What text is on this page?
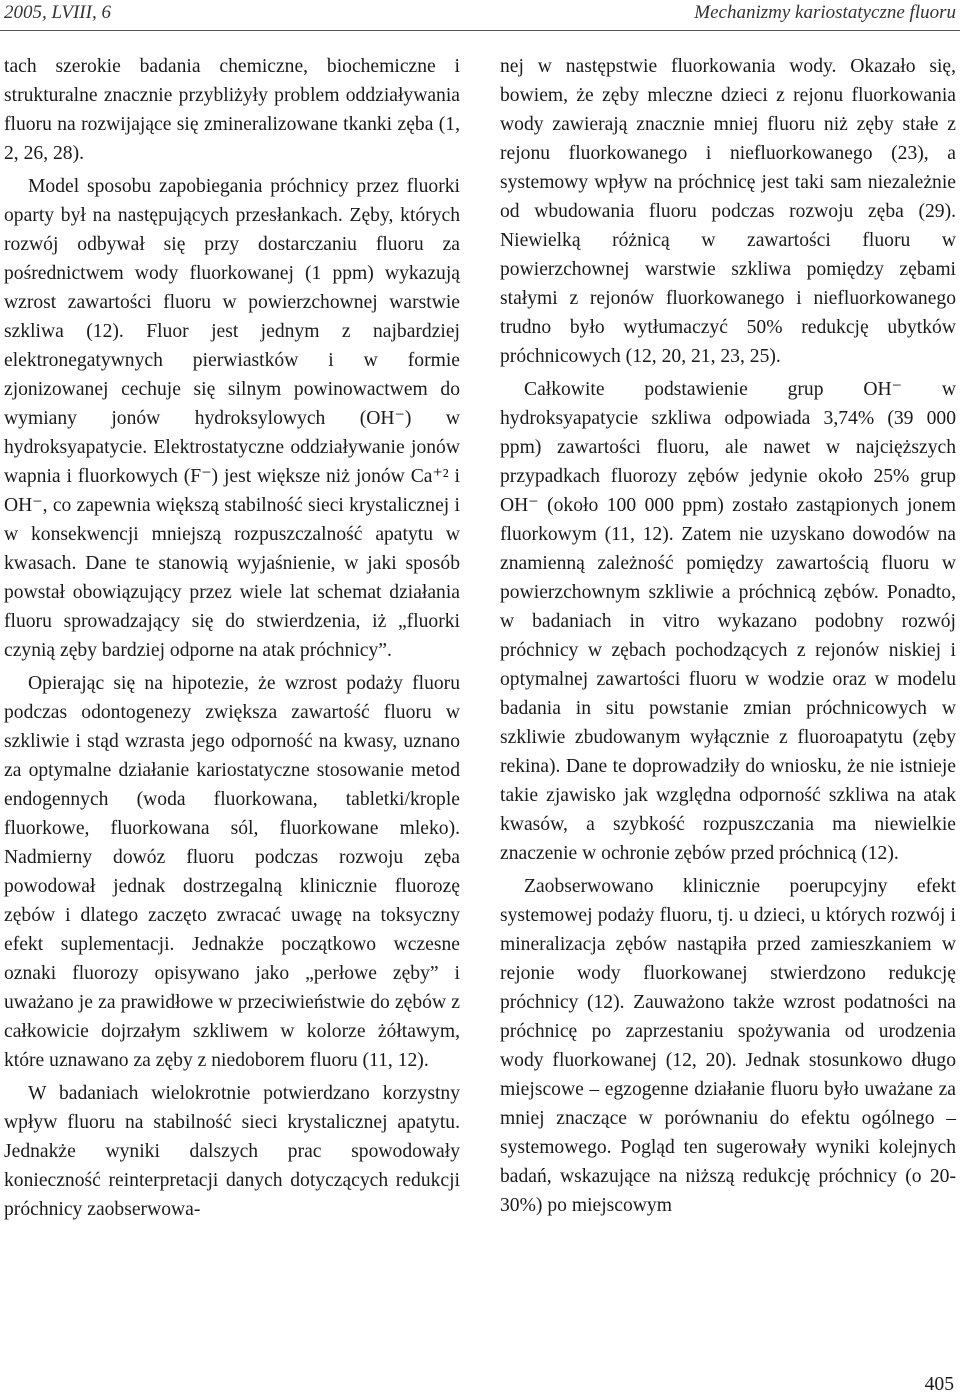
2005, LVIII, 6	Mechanizmy kariostatyczne fluoru

tach szerokie badania chemiczne, biochemiczne i strukturalne znacznie przybliżyły problem oddziaływania fluoru na rozwijające się zmineralizowane tkanki zęba (1, 2, 26, 28).

Model sposobu zapobiegania próchnicy przez fluorki oparty był na następujących przesłankach. Zęby, których rozwój odbywał się przy dostarczaniu fluoru za pośrednictwem wody fluorkowanej (1 ppm) wykazują wzrost zawartości fluoru w powierzchownej warstwie szkliwa (12). Fluor jest jednym z najbardziej elektronegatywnych pierwiastków i w formie zjonizowanej cechuje się silnym powinowactwem do wymiany jonów hydroksylowych (OH⁻) w hydroksyapatycie. Elektrostatyczne oddziaływanie jonów wapnia i fluorkowych (F⁻) jest większe niż jonów Ca⁺² i OH⁻, co zapewnia większą stabilność sieci krystalicznej i w konsekwencji mniejszą rozpuszczalność apatytu w kwasach. Dane te stanowią wyjaśnienie, w jaki sposób powstał obowiązujący przez wiele lat schemat działania fluoru sprowadzający się do stwierdzenia, iż „fluorki czynią zęby bardziej odporne na atak próchnicy”.

Opierając się na hipotezie, że wzrost podaży fluoru podczas odontogenezy zwiększa zawartość fluoru w szkliwie i stąd wzrasta jego odporność na kwasy, uznano za optymalne działanie kariostatyczne stosowanie metod endogennych (woda fluorkowana, tabletki/krople fluorkowe, fluorkowana sól, fluorkowane mleko). Nadmierny dowóz fluoru podczas rozwoju zęba powodował jednak dostrzegalną klinicznie fluorozę zębów i dlatego zaczęto zwracać uwagę na toksyczny efekt suplementacji. Jednakże początkowo wczesne oznaki fluorozy opisywano jako „perłowe zęby” i uważano je za prawidłowe w przeciwieństwie do zębów z całkowicie dojrzałym szkliwem w kolorze żółtawym, które uznawano za zęby z niedoborem fluoru (11, 12).

W badaniach wielokrotnie potwierdzano korzystny wpływ fluoru na stabilność sieci krystalicznej apatytu. Jednakże wyniki dalszych prac spowodowały konieczność reinterpretacji danych dotyczących redukcji próchnicy zaobserwowa-

nej w następstwie fluorkowania wody. Okazało się, bowiem, że zęby mleczne dzieci z rejonu fluorkowania wody zawierają znacznie mniej fluoru niż zęby stałe z rejonu fluorkowanego i niefluorkowanego (23), a systemowy wpływ na próchnicę jest taki sam niezależnie od wbudowania fluoru podczas rozwoju zęba (29). Niewielką różnicą w zawartości fluoru w powierzchownej warstwie szkliwa pomiędzy zębami stałymi z rejonów fluorkowanego i niefluorkowanego trudno było wytłumaczyć 50% redukcję ubytków próchnicowych (12, 20, 21, 23, 25).

Całkowite podstawienie grup OH⁻ w hydroksyapatycie szkliwa odpowiada 3,74% (39 000 ppm) zawartości fluoru, ale nawet w najcięższych przypadkach fluorozy zębów jedynie około 25% grup OH⁻ (około 100 000 ppm) zostało zastąpionych jonem fluorkowym (11, 12). Zatem nie uzyskano dowodów na znamienną zależność pomiędzy zawartością fluoru w powierzchownym szkliwie a próchnicą zębów. Ponadto, w badaniach in vitro wykazano podobny rozwój próchnicy w zębach pochodzących z rejonów niskiej i optymalnej zawartości fluoru w wodzie oraz w modelu badania in situ powstanie zmian próchnicowych w szkliwie zbudowanym wyłącznie z fluoroapatytu (zęby rekina). Dane te doprowadziły do wniosku, że nie istnieje takie zjawisko jak względna odporność szkliwa na atak kwasów, a szybkość rozpuszczania ma niewielkie znaczenie w ochronie zębów przed próchnicą (12).

Zaobserwowano klinicznie poerupcyjny efekt systemowej podaży fluoru, tj. u dzieci, u których rozwój i mineralizacja zębów nastąpiła przed zamieszkaniem w rejonie wody fluorkowanej stwierdzono redukcję próchnicy (12). Zauważono także wzrost podatności na próchnicę po zaprzestaniu spożywania od urodzenia wody fluorkowanej (12, 20). Jednak stosunkowo długo miejscowe – egzogenne działanie fluoru było uważane za mniej znaczące w porównaniu do efektu ogólnego – systemowego. Pogląd ten sugerowały wyniki kolejnych badań, wskazujące na niższą redukcję próchnicy (o 20-30%) po miejscowym

405
